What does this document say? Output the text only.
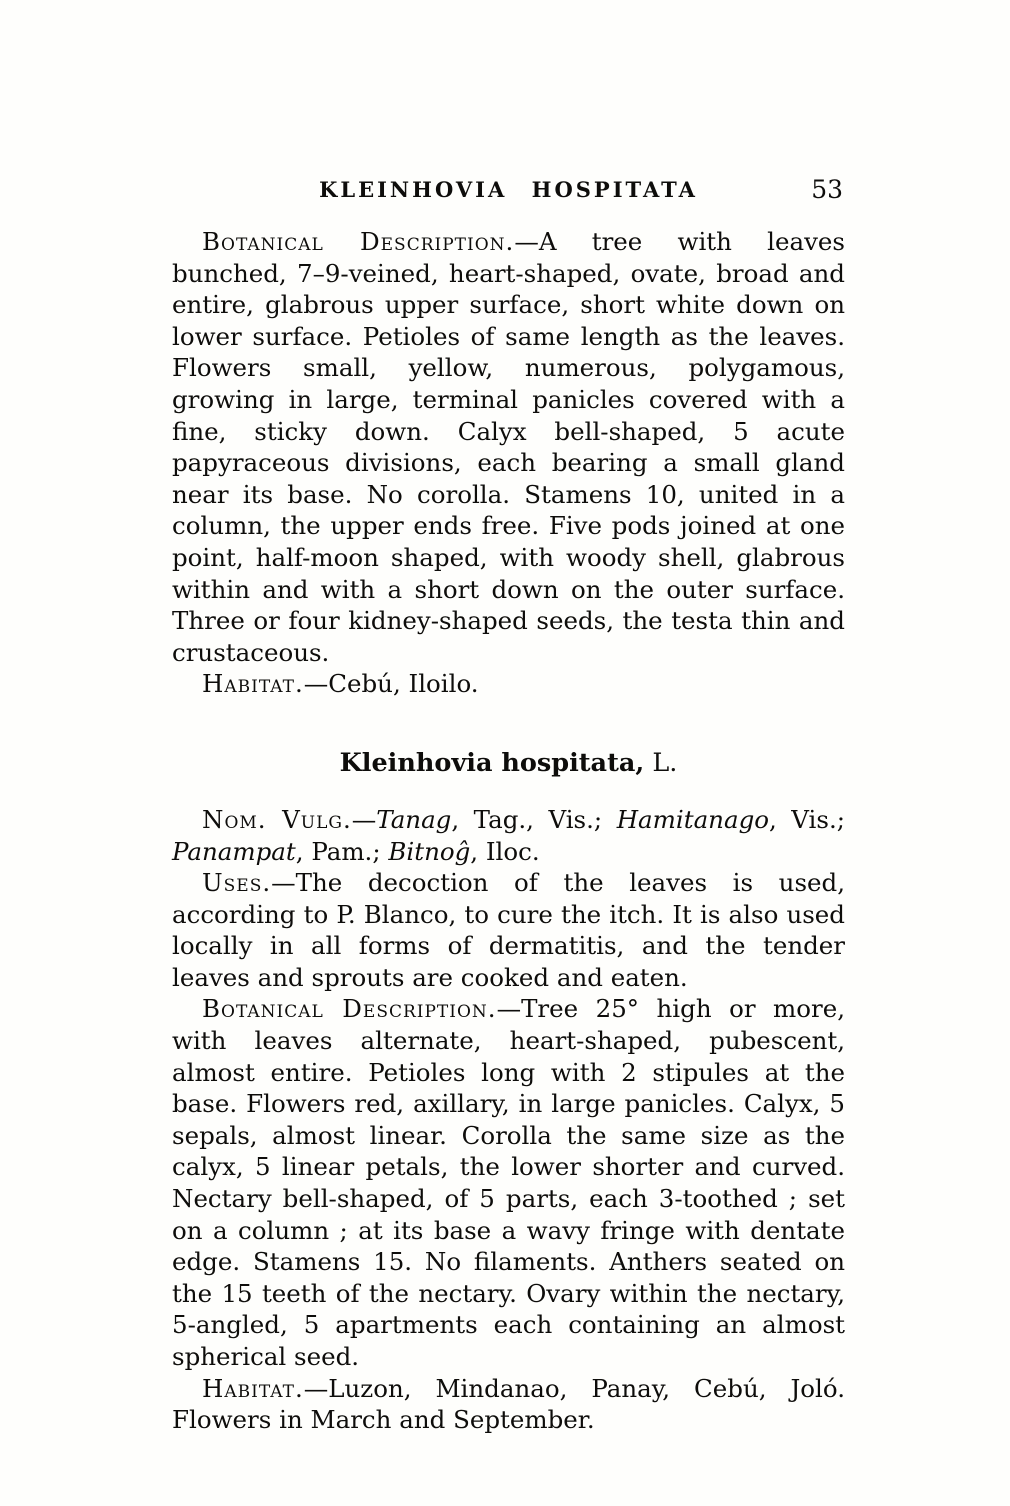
KLEINHOVIA HOSPITATA	53

Botanical Description.—A tree with leaves bunched, 7–9-veined, heart-shaped, ovate, broad and entire, glabrous upper surface, short white down on lower surface. Petioles of same length as the leaves. Flowers small, yellow, numerous, polygamous, growing in large, terminal panicles covered with a fine, sticky down. Calyx bell-shaped, 5 acute papyraceous divisions, each bearing a small gland near its base. No corolla. Stamens 10, united in a column, the upper ends free. Five pods joined at one point, half-moon shaped, with woody shell, glabrous within and with a short down on the outer surface. Three or four kidney-shaped seeds, the testa thin and crustaceous.

Habitat.—Cebú, Iloilo.

Kleinhovia hospitata, L.

Nom. Vulg.—Tanag, Tag., Vis.; Hamitanago, Vis.; Panampat, Pam.; Bitnoĝ, Iloc.

Uses.—The decoction of the leaves is used, according to P. Blanco, to cure the itch. It is also used locally in all forms of dermatitis, and the tender leaves and sprouts are cooked and eaten.

Botanical Description.—Tree 25° high or more, with leaves alternate, heart-shaped, pubescent, almost entire. Petioles long with 2 stipules at the base. Flowers red, axillary, in large panicles. Calyx, 5 sepals, almost linear. Corolla the same size as the calyx, 5 linear petals, the lower shorter and curved. Nectary bell-shaped, of 5 parts, each 3-toothed ; set on a column ; at its base a wavy fringe with dentate edge. Stamens 15. No filaments. Anthers seated on the 15 teeth of the nectary. Ovary within the nectary, 5-angled, 5 apartments each containing an almost spherical seed.

Habitat.—Luzon, Mindanao, Panay, Cebú, Joló. Flowers in March and September.
